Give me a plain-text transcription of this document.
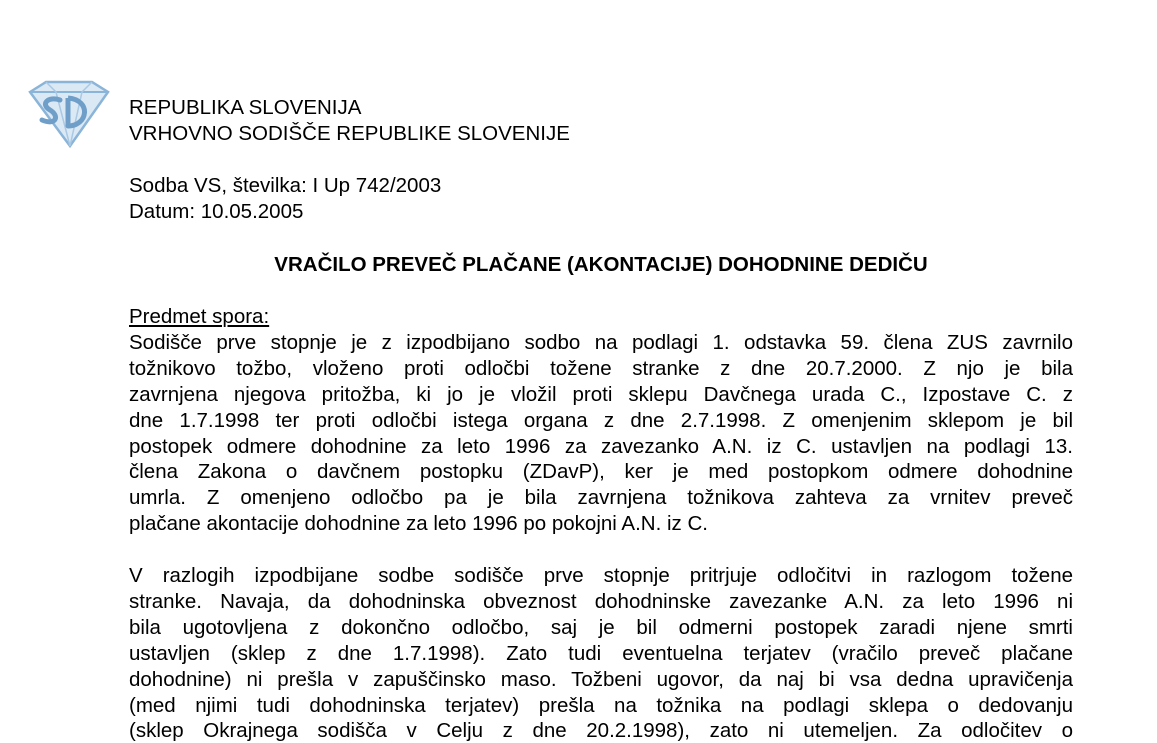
REPUBLIKA SLOVENIJA
VRHOVNO SODIŠČE REPUBLIKE SLOVENIJE
Sodba VS, številka: I Up 742/2003
Datum: 10.05.2005
VRAČILO PREVEČ PLAČANE (AKONTACIJE) DOHODNINE DEDIČU
Predmet spora:
Sodišče prve stopnje je z izpodbijano sodbo na podlagi 1. odstavka 59. člena ZUS zavrnilo
tožnikovo tožbo, vloženo proti odločbi tožene stranke z dne 20.7.2000. Z njo je bila
zavrnjena njegova pritožba, ki jo je vložil proti sklepu Davčnega urada C., Izpostave C. z
dne 1.7.1998 ter proti odločbi istega organa z dne 2.7.1998. Z omenjenim sklepom je bil
postopek odmere dohodnine za leto 1996 za zavezanko A.N. iz C. ustavljen na podlagi 13.
člena Zakona o davčnem postopku (ZDavP), ker je med postopkom odmere dohodnine
umrla. Z omenjeno odločbo pa je bila zavrnjena tožnikova zahteva za vrnitev preveč
plačane akontacije dohodnine za leto 1996 po pokojni A.N. iz C.
V razlogih izpodbijane sodbe sodišče prve stopnje pritrjuje odločitvi in razlogom tožene
stranke. Navaja, da dohodninska obveznost dohodninske zavezanke A.N. za leto 1996 ni
bila ugotovljena z dokončno odločbo, saj je bil odmerni postopek zaradi njene smrti
ustavljen (sklep z dne 1.7.1998). Zato tudi eventuelna terjatev (vračilo preveč plačane
dohodnine) ni prešla v zapuščinsko maso. Tožbeni ugovor, da naj bi vsa dedna upravičenja
(med njimi tudi dohodninska terjatev) prešla na tožnika na podlagi sklepa o dedovanju
(sklep Okrajnega sodišča v Celju z dne 20.2.1998), zato ni utemeljen. Za odločitev o
